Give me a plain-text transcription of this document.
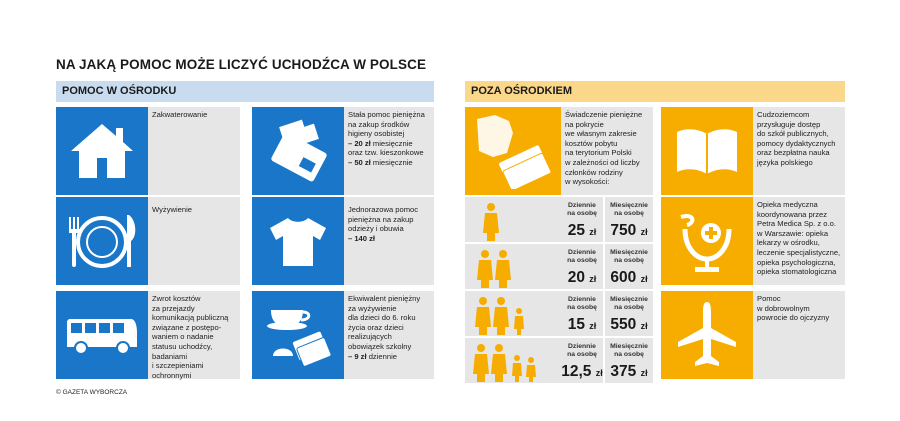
NA JAKĄ POMOC MOŻE LICZYĆ UCHODŹCA W POLSCE
POMOC W OŚRODKU
Zakwaterowanie	Stała pomoc pieniężna
na zakup środków
higieny osobistej
– 20 zł miesięcznie
oraz tzw. kieszonkowe
– 50 zł miesięcznie
Wyżywienie	Jednorazowa pomoc
pieniężna na zakup
odzieży i obuwia
– 140 zł
Zwrot kosztów
za przejazdy
komunikacją publiczną
związane z postępo-
waniem o nadanie
statusu uchodźcy,
badaniami
i szczepieniami
ochronnymi
Ekwiwalent pieniężny
za wyżywienie
dla dzieci do 6. roku
życia oraz dzieci
realizujących
obowiązek szkolny
– 9 zł dziennie
POZA OŚRODKIEM
Świadczenie pieniężne
na pokrycie
we własnym zakresie
kosztów pobytu
na terytorium Polski
w zależności od liczby
członków rodziny
w wysokości:
Dziennie
na osobę
25 zł
Miesięcznie
na osobę
750 zł
Dziennie
na osobę
20 zł
Miesięcznie
na osobę
600 zł
Dziennie
na osobę
15 zł
Miesięcznie
na osobę
550 zł
Dziennie
na osobę
12,5 zł
Miesięcznie
na osobę
375 zł
Cudzoziemcom
przysługuje dostęp
do szkół publicznych,
pomocy dydaktycznych
oraz bezpłatna nauka
języka polskiego
Opieka medyczna
koordynowana przez
Petra Medica Sp. z o.o.
w Warszawie: opieka
lekarzy w ośrodku,
leczenie specjalistyczne,
opieka psychologiczna,
opieka stomatologiczna
Pomoc
w dobrowolnym
powrocie do ojczyzny
© GAZETA WYBORCZA
